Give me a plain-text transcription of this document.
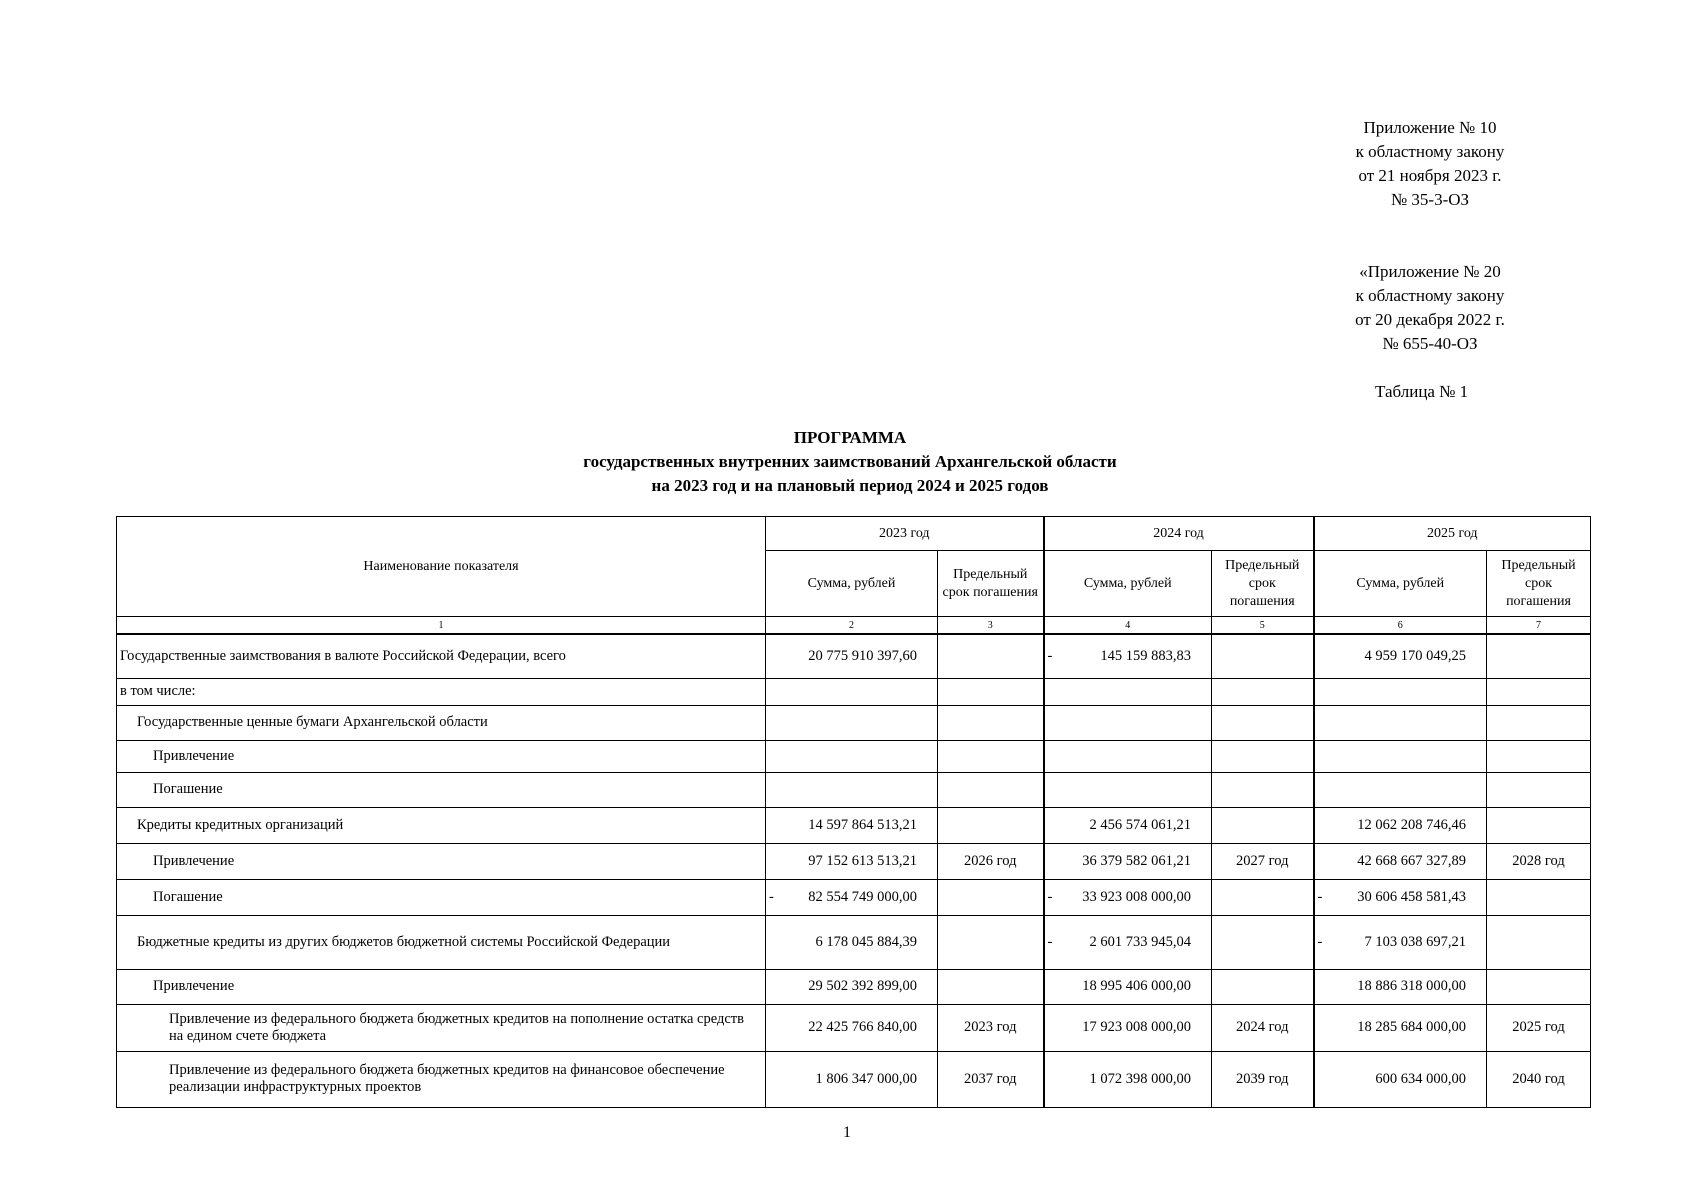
Приложение № 10
к областному закону
от 21 ноября 2023 г.
№ 35-3-ОЗ
«Приложение № 20
к областному закону
от 20 декабря 2022 г.
№ 655-40-ОЗ
Таблица № 1
ПРОГРАММА
государственных внутренних заимствований Архангельской области
на 2023 год и на плановый период 2024 и 2025 годов
Наименование показателя	2023 год		2024 год		2025 год	
	Сумма, рублей	Предельный срок погашения	Сумма, рублей	Предельный срок погашения	Сумма, рублей	Предельный срок погашения
1	2	3	4	5	6	7
Государственные заимствования в валюте Российской Федерации, всего	20 775 910 397,60		- 145 159 883,83		4 959 170 049,25	
в том числе:						
Государственные ценные бумаги Архангельской области						
Привлечение						
Погашение						
Кредиты кредитных организаций	14 597 864 513,21		2 456 574 061,21		12 062 208 746,46	
Привлечение	97 152 613 513,21	2026 год	36 379 582 061,21	2027 год	42 668 667 327,89	2028 год
Погашение	- 82 554 749 000,00		- 33 923 008 000,00		- 30 606 458 581,43	
Бюджетные кредиты из других бюджетов бюджетной системы Российской Федерации	6 178 045 884,39		- 2 601 733 945,04		- 7 103 038 697,21	
Привлечение	29 502 392 899,00		18 995 406 000,00		18 886 318 000,00	
Привлечение из федерального бюджета бюджетных кредитов на пополнение остатка средств на едином счете бюджета	22 425 766 840,00	2023 год	17 923 008 000,00	2024 год	18 285 684 000,00	2025 год
Привлечение из федерального бюджета бюджетных кредитов на финансовое обеспечение реализации инфраструктурных проектов	1 806 347 000,00	2037 год	1 072 398 000,00	2039 год	600 634 000,00	2040 год
1
